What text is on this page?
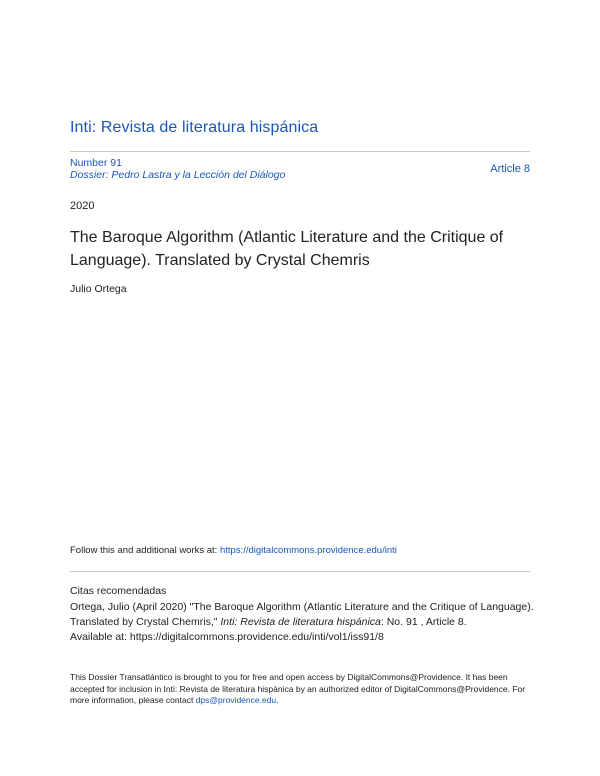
Inti: Revista de literatura hispánica
Number 91
Dossier: Pedro Lastra y la Lección del Diálogo	Article 8
2020
The Baroque Algorithm (Atlantic Literature and the Critique of Language). Translated by Crystal Chemris
Julio Ortega
Follow this and additional works at: https://digitalcommons.providence.edu/inti
Citas recomendadas
Ortega, Julio (April 2020) "The Baroque Algorithm (Atlantic Literature and the Critique of Language). Translated by Crystal Chemris," Inti: Revista de literatura hispánica: No. 91 , Article 8.
Available at: https://digitalcommons.providence.edu/inti/vol1/iss91/8
This Dossier Transatlántico is brought to you for free and open access by DigitalCommons@Providence. It has been accepted for inclusion in Inti: Revista de literatura hispánica by an authorized editor of DigitalCommons@Providence. For more information, please contact dps@providence.edu.
